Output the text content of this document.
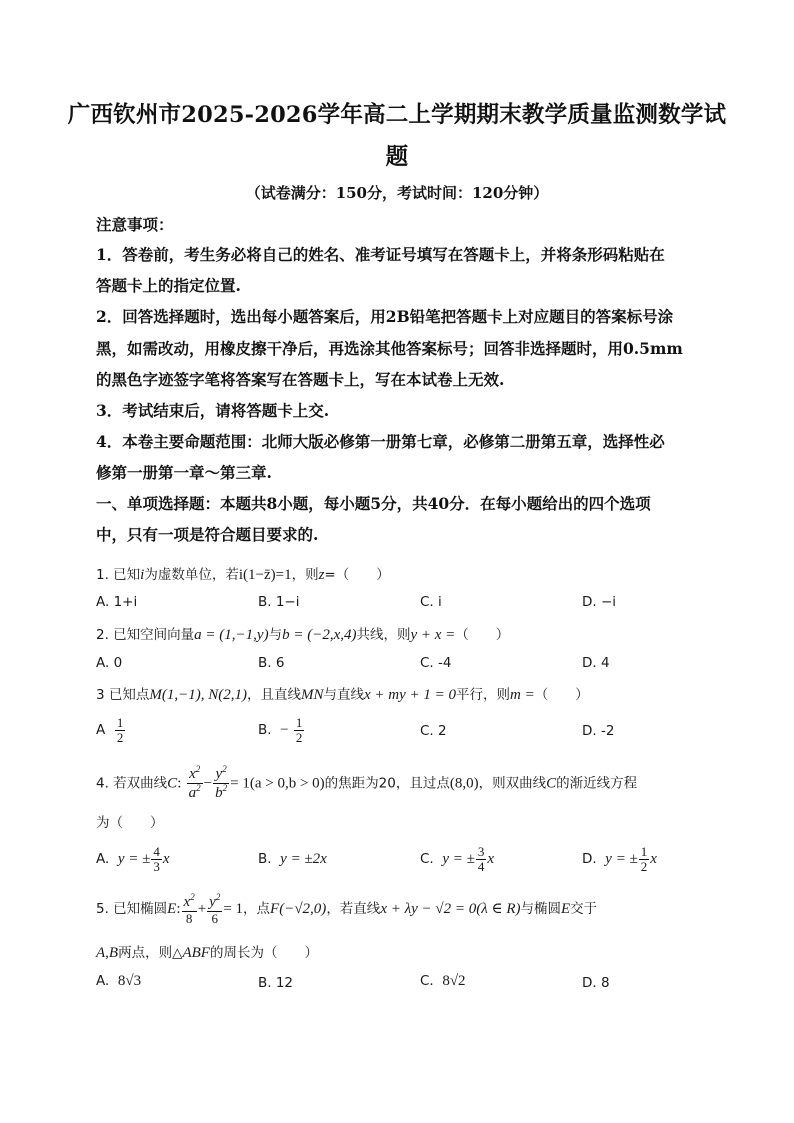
广西钦州市2025-2026学年高二上学期期末教学质量监测数学试
题
（试卷满分：150分，考试时间：120分钟）
注意事项：
1．答卷前，考生务必将自己的姓名、准考证号填写在答题卡上，并将条形码粘贴在
答题卡上的指定位置.
2．回答选择题时，选出每小题答案后，用2B铅笔把答题卡上对应题目的答案标号涂
黑，如需改动，用橡皮擦干净后，再选涂其他答案标号；回答非选择题时，用0.5mm
的黑色字迹签字笔将答案写在答题卡上，写在本试卷上无效.
3．考试结束后，请将答题卡上交.
4．本卷主要命题范围：北师大版必修第一册第七章，必修第二册第五章，选择性必
修第一册第一章～第三章.
一、单项选择题：本题共8小题，每小题5分，共40分．在每小题给出的四个选项
中，只有一项是符合题目要求的.
1. 已知i为虚数单位，若i(1−z̄)=1，则z=（　　）
A. 1+i	B. 1−i	C. i	D. −i
2. 已知空间向量a = (1,−1,y)与b = (−2,x,4)共线，则y + x =（　　）
A. 0	B. 6	C. -4	D. 4
3 已知点M(1,−1), N(2,1)，且直线MN与直线x + my + 1 = 0平行，则m =（　　）
A $\frac{1}{2}$	B. − $\frac{1}{2}$	C. 2	D. -2
4. 若双曲线C: $\frac{x^2}{a^2} - \frac{y^2}{b^2} = 1(a > 0,b > 0)$的焦距为20，且过点(8,0)，则双曲线C的渐近线方程
为（　　）
A. y = ± $\frac{4}{3}$ x	B. y = ±2x	C. y = ± $\frac{3}{4}$ x	D. y = ± $\frac{1}{2}$ x
5. 已知椭圆E: $\frac{x^2}{8} + \frac{y^2}{6} = 1$，点F(−√2,0)，若直线x + λy − √2 = 0(λ ∈ R)与椭圆E交于
A,B两点，则△ABF的周长为（　　）
A. 8√3	B. 12	C. 8√2	D. 8
